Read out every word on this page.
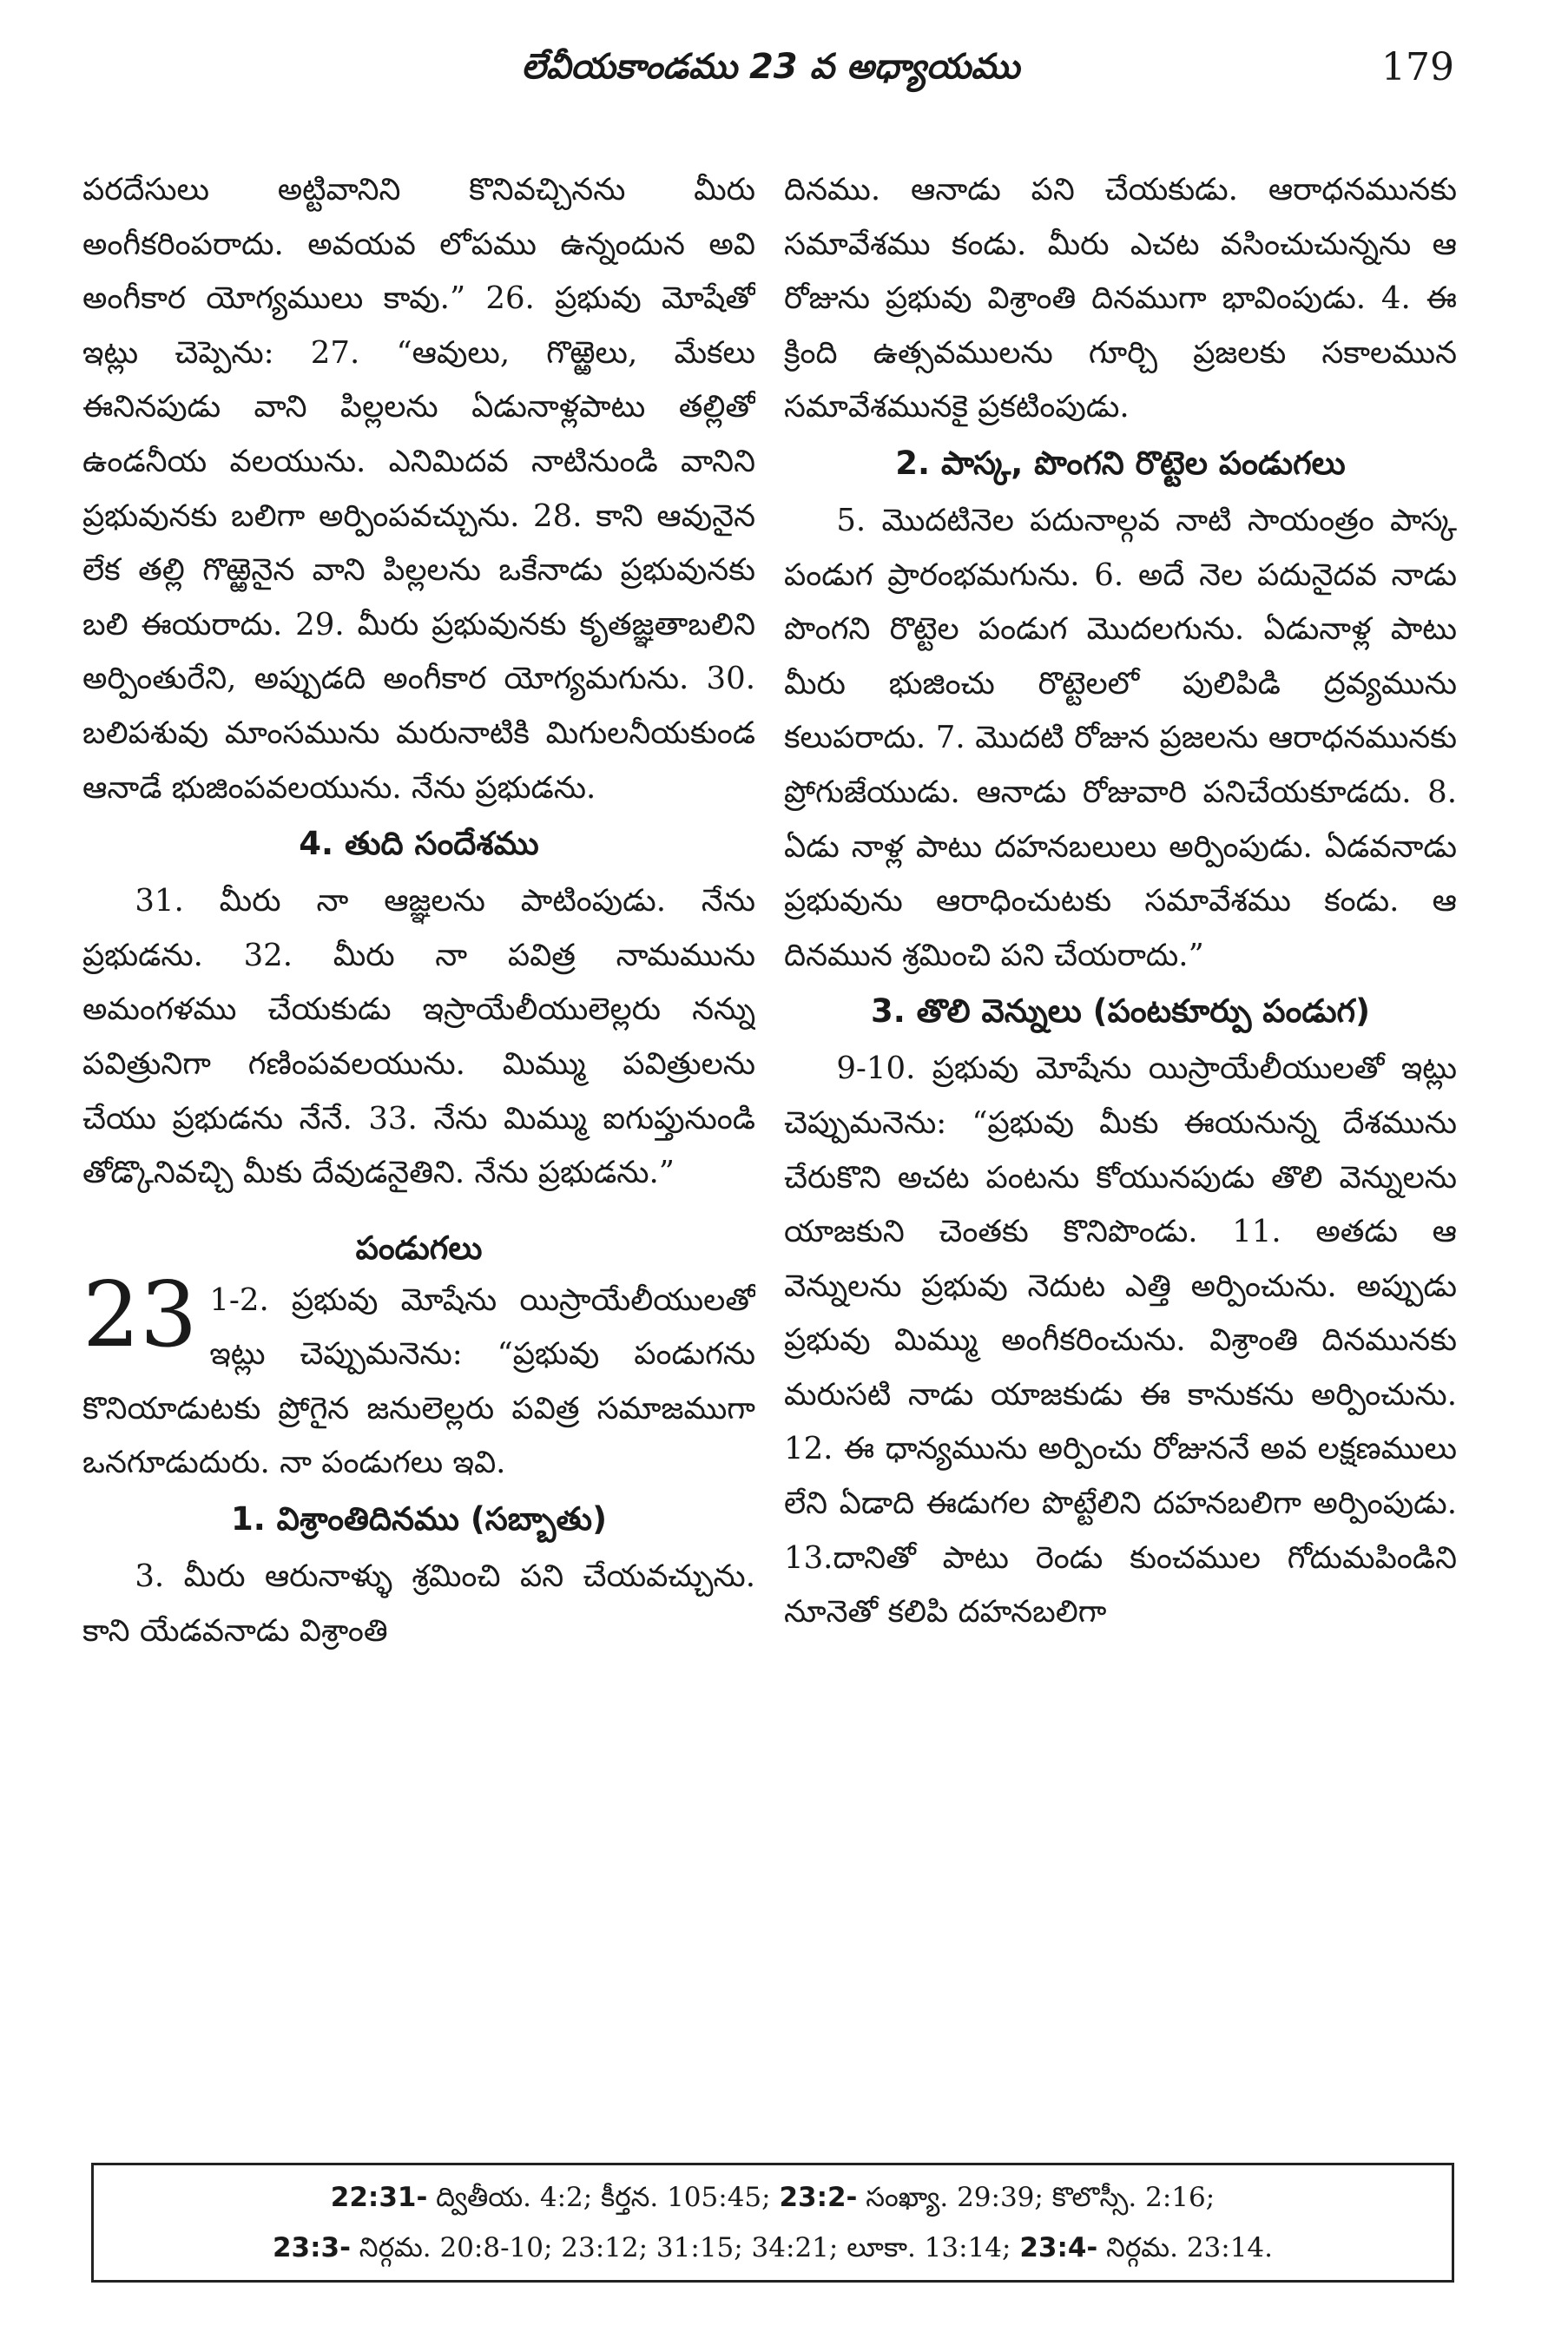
లేవీయకాండము 23 వ అధ్యాయము	179

పరదేసులు అట్టివానిని కొనివచ్చినను మీరు అంగీకరింపరాదు. అవయవ లోపము ఉన్నందున అవి అంగీకార యోగ్యములు కావు.” 26. ప్రభువు మోషేతో ఇట్లు చెప్పెను: 27. “ఆవులు, గొఱ్ఱెలు, మేకలు ఈనినపుడు వాని పిల్లలను ఏడునాళ్లపాటు తల్లితో ఉండనీయ వలయును. ఎనిమిదవ నాటినుండి వానిని ప్రభువునకు బలిగా అర్పింపవచ్చును. 28. కాని ఆవునైన లేక తల్లి గొఱ్ఱెనైన వాని పిల్లలను ఒకేనాడు ప్రభువునకు బలి ఈయరాదు. 29. మీరు ప్రభువునకు కృతజ్ఞతాబలిని అర్పింతురేని, అప్పుడది అంగీకార యోగ్యమగును. 30. బలిపశువు మాంసమును మరునాటికి మిగులనీయకుండ ఆనాడే భుజింపవలయును. నేను ప్రభుడను.

4. తుది సందేశము

31. మీరు నా ఆజ్ఞలను పాటింపుడు. నేను ప్రభుడను. 32. మీరు నా పవిత్ర నామమును అమంగళము చేయకుడు ఇస్రాయేలీయులెల్లరు నన్ను పవిత్రునిగా గణింపవలయును. మిమ్ము పవిత్రులను చేయు ప్రభుడను నేనే. 33. నేను మిమ్ము ఐగుప్తునుండి తోడ్కొనివచ్చి మీకు దేవుడనైతిని. నేను ప్రభుడను.”

పండుగలు
23 1-2. ప్రభువు మోషేను యిస్రాయేలీయులతో ఇట్లు చెప్పుమనెను: “ప్రభువు పండుగను కొనియాడుటకు ప్రోగైన జనులెల్లరు పవిత్ర సమాజముగా ఒనగూడుదురు. నా పండుగలు ఇవి.

1. విశ్రాంతిదినము (సబ్బాతు)

3. మీరు ఆరునాళ్ళు శ్రమించి పని చేయవచ్చును. కాని యేడవనాడు విశ్రాంతి

దినము. ఆనాడు పని చేయకుడు. ఆరాధనమునకు సమావేశము కండు. మీరు ఎచట వసించుచున్నను ఆ రోజును ప్రభువు విశ్రాంతి దినముగా భావింపుడు. 4. ఈ క్రింది ఉత్సవములను గూర్చి ప్రజలకు సకాలమున సమావేశమునకై ప్రకటింపుడు.

2. పాస్క, పొంగని రొట్టెల పండుగలు

5. మొదటినెల పదునాల్గవ నాటి సాయంత్రం పాస్క పండుగ ప్రారంభమగును. 6. అదే నెల పదునైదవ నాడు పొంగని రొట్టెల పండుగ మొదలగును. ఏడునాళ్ల పాటు మీరు భుజించు రొట్టెలలో పులిపిడి ద్రవ్యమును కలుపరాదు. 7. మొదటి రోజున ప్రజలను ఆరాధనమునకు ప్రోగుజేయుడు. ఆనాడు రోజువారి పనిచేయకూడదు. 8. ఏడు నాళ్ల పాటు దహనబలులు అర్పింపుడు. ఏడవనాడు ప్రభువును ఆరాధించుటకు సమావేశము కండు. ఆ దినమున శ్రమించి పని చేయరాదు.”

3. తొలి వెన్నులు (పంటకూర్పు పండుగ)

9-10. ప్రభువు మోషేను యిస్రాయేలీయులతో ఇట్లు చెప్పుమనెను: “ప్రభువు మీకు ఈయనున్న దేశమును చేరుకొని అచట పంటను కోయునపుడు తొలి వెన్నులను యాజకుని చెంతకు కొనిపొండు. 11. అతడు ఆ వెన్నులను ప్రభువు నెదుట ఎత్తి అర్పించును. అప్పుడు ప్రభువు మిమ్ము అంగీకరించును. విశ్రాంతి దినమునకు మరుసటి నాడు యాజకుడు ఈ కానుకను అర్పించును. 12. ఈ ధాన్యమును అర్పించు రోజుననే అవ లక్షణములు లేని ఏడాది ఈడుగల పొట్టేలిని దహనబలిగా అర్పింపుడు. 13.దానితో పాటు రెండు కుంచముల గోదుమపిండిని నూనెతో కలిపి దహనబలిగా

22:31- ద్వితీయ. 4:2; కీర్తన. 105:45; 23:2- సంఖ్యా. 29:39; కొలొస్సీ. 2:16;
23:3- నిర్గమ. 20:8-10; 23:12; 31:15; 34:21; లూకా. 13:14; 23:4- నిర్గమ. 23:14.
